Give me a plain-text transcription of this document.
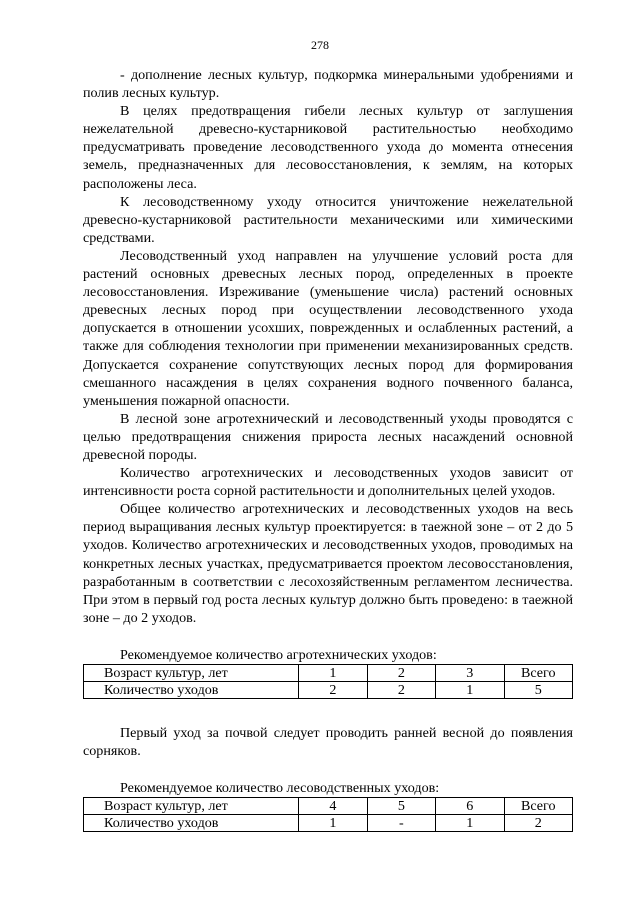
278

- дополнение лесных культур, подкормка минеральными удобрениями и полив лесных культур.

В целях предотвращения гибели лесных культур от заглушения нежелательной древесно-кустарниковой растительностью необходимо предусматривать проведение лесоводственного ухода до момента отнесения земель, предназначенных для лесовосстановления, к землям, на которых расположены леса.

К лесоводственному уходу относится уничтожение нежелательной древесно-кустарниковой растительности механическими или химическими средствами.

Лесоводственный уход направлен на улучшение условий роста для растений основных древесных лесных пород, определенных в проекте лесовосстановления. Изреживание (уменьшение числа) растений основных древесных лесных пород при осуществлении лесоводственного ухода допускается в отношении усохших, поврежденных и ослабленных растений, а также для соблюдения технологии при применении механизированных средств. Допускается сохранение сопутствующих лесных пород для формирования смешанного насаждения в целях сохранения водного почвенного баланса, уменьшения пожарной опасности.

В лесной зоне агротехнический и лесоводственный уходы проводятся с целью предотвращения снижения прироста лесных насаждений основной древесной породы.

Количество агротехнических и лесоводственных уходов зависит от интенсивности роста сорной растительности и дополнительных целей уходов.

Общее количество агротехнических и лесоводственных уходов на весь период выращивания лесных культур проектируется: в таежной зоне – от 2 до 5 уходов. Количество агротехнических и лесоводственных уходов, проводимых на конкретных лесных участках, предусматривается проектом лесовосстановления, разработанным в соответствии с лесохозяйственным регламентом лесничества. При этом в первый год роста лесных культур должно быть проведено: в таежной зоне – до 2 уходов.

Рекомендуемое количество агротехнических уходов:

Возраст культур, лет	1	2	3	Всего
Количество уходов	2	2	1	5

Первый уход за почвой следует проводить ранней весной до появления сорняков.

Рекомендуемое количество лесоводственных уходов:

Возраст культур, лет	4	5	6	Всего
Количество уходов	1	-	1	2
